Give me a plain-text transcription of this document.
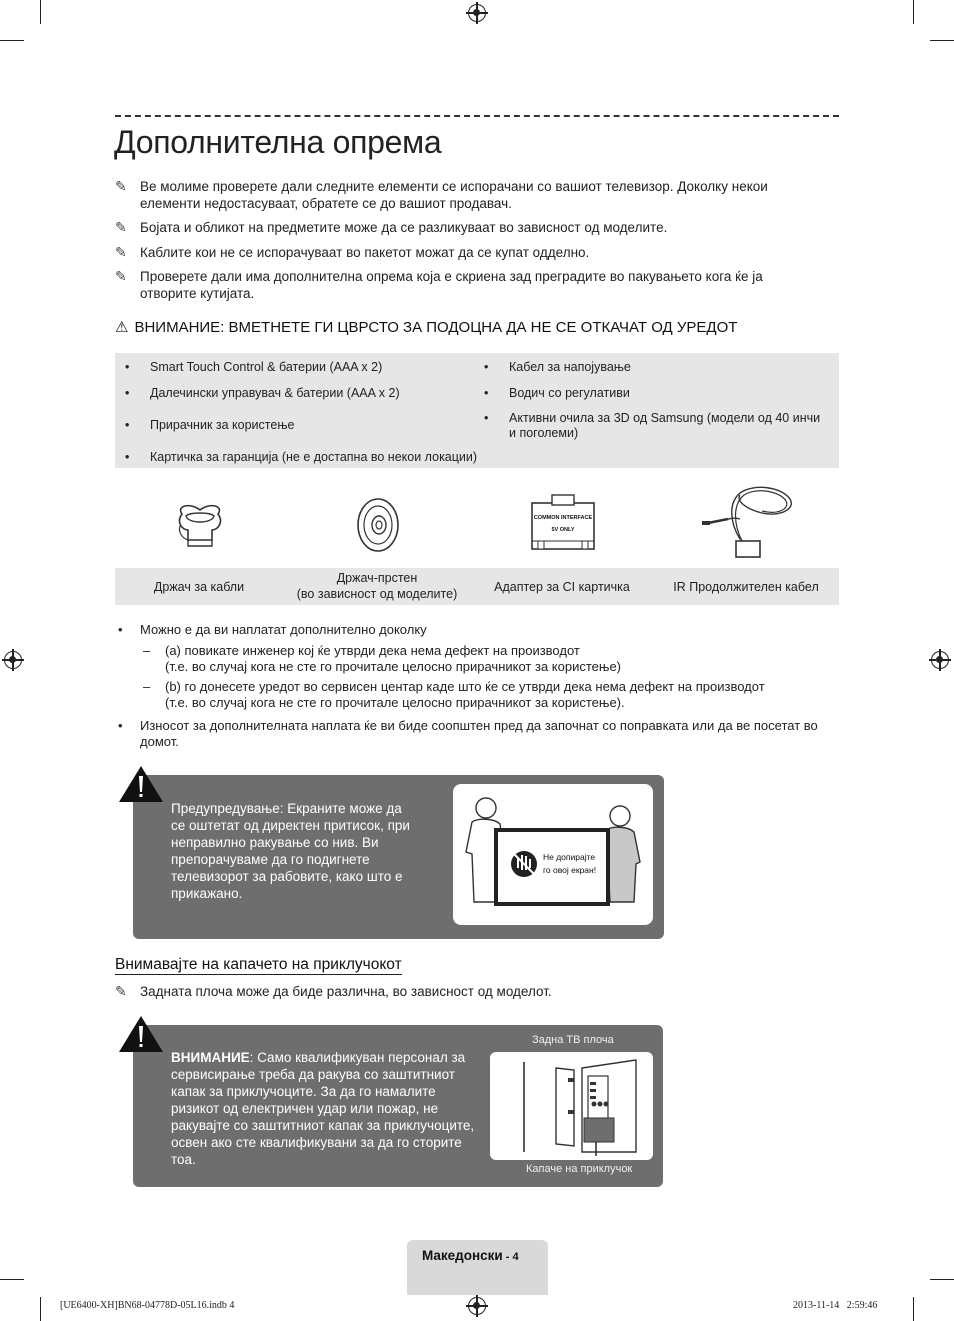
Дополнителна опрема
✎ Ве молиме проверете дали следните елементи се испорачани со вашиот телевизор. Доколку некои елементи недостасуваат, обратете се до вашиот продавач.
✎ Бојата и обликот на предметите може да се разликуваат во зависност од моделите.
✎ Каблите кои не се испорачуваат во пакетот можат да се купат одделно.
✎ Проверете дали има дополнителна опрема која е скриена зад преградите во пакувањето кога ќе ја отворите кутијата.
⚠ ВНИМАНИЕ: ВМЕТНЕТЕ ГИ ЦВРСТО ЗА ПОДОЦНА ДА НЕ СЕ ОТКАЧАТ ОД УРЕДОТ
• Smart Touch Control & батерии (AAA x 2)
• Далечински управувач & батерии (AAA x 2)
• Прирачник за користење
• Картичка за гаранција (не е достапна во некои локации)
• Кабел за напојување
• Водич со регулативи
• Активни очила за 3D од Samsung (модели од 40 инчи и поголеми)
COMMON INTERFACE
5V ONLY
Држач за кабли
Држач-прстен
(во зависност од моделите)	Адаптер за CI картичка	IR Продолжителен кабел
• Можно е да ви наплатат дополнително доколку
– (a) повикате инженер кој ќе утврди дека нема дефект на производот
(т.е. во случај кога не сте го прочитале целосно прирачникот за користење)
– (b) го донесете уредот во сервисен центар каде што ќе се утврди дека нема дефект на производот
(т.е. во случај кога не сте го прочитале целосно прирачникот за користење).
• Износот за дополнителната наплата ќе ви биде соопштен пред да започнат со поправката или да ве посетат во домот.
Предупредување: Екраните може да се оштетат од директен притисок, при неправилно ракување со нив. Ви препорачуваме да го подигнете телевизорот за рабовите, како што е прикажано.
Не допирајте
го овој екран!
Внимавајте на капачето на приклучокот
✎ Задната плоча може да биде различна, во зависност од моделот.
ВНИМАНИЕ: Само квалификуван персонал за сервисирање треба да ракува со заштитниот капак за приклучоците. За да го намалите ризикот од електричен удар или пожар, не ракувајте со заштитниот капак за приклучоците, освен ако сте квалификувани за да го сторите тоа.
Задна ТВ плоча
Капаче на приклучок
Македонски - 4
[UE6400-XH]BN68-04778D-05L16.indb 4	2013-11-14   2:59:46
